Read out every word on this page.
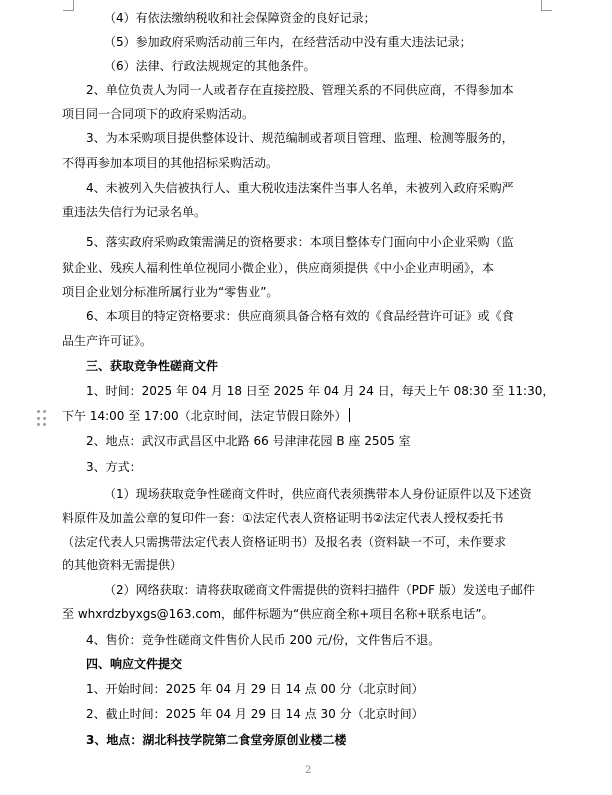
（4）有依法缴纳税收和社会保障资金的良好记录；
（5）参加政府采购活动前三年内，在经营活动中没有重大违法记录；
（6）法律、行政法规规定的其他条件。
2、单位负责人为同一人或者存在直接控股、管理关系的不同供应商，不得参加本
项目同一合同项下的政府采购活动。
3、为本采购项目提供整体设计、规范编制或者项目管理、监理、检测等服务的，
不得再参加本项目的其他招标采购活动。
4、未被列入失信被执行人、重大税收违法案件当事人名单，未被列入政府采购严
重违法失信行为记录名单。
5、落实政府采购政策需满足的资格要求：本项目整体专门面向中小企业采购（监
狱企业、残疾人福利性单位视同小微企业），供应商须提供《中小企业声明函》，本
项目企业划分标准所属行业为“零售业”。
6、本项目的特定资格要求：供应商须具备合格有效的《食品经营许可证》或《食
品生产许可证》。
三、获取竞争性磋商文件
1、时间：2025 年 04 月 18 日至 2025 年 04 月 24 日，每天上午 08:30 至 11:30，
下午 14:00 至 17:00（北京时间，法定节假日除外）
2、地点：武汉市武昌区中北路 66 号津津花园 B 座 2505 室
3、方式：
（1）现场获取竞争性磋商文件时，供应商代表须携带本人身份证原件以及下述资
料原件及加盖公章的复印件一套：①法定代表人资格证明书②法定代表人授权委托书
（法定代表人只需携带法定代表人资格证明书）及报名表（资料缺一不可，未作要求
的其他资料无需提供）
（2）网络获取：请将获取磋商文件需提供的资料扫描件（PDF 版）发送电子邮件
至 whxrdzbyxgs@163.com，邮件标题为“供应商全称+项目名称+联系电话”。
4、售价：竞争性磋商文件售价人民币 200 元/份，文件售后不退。
四、响应文件提交
1、开始时间：2025 年 04 月 29 日 14 点 00 分（北京时间）
2、截止时间：2025 年 04 月 29 日 14 点 30 分（北京时间）
3、地点：湖北科技学院第二食堂旁原创业楼二楼
2
